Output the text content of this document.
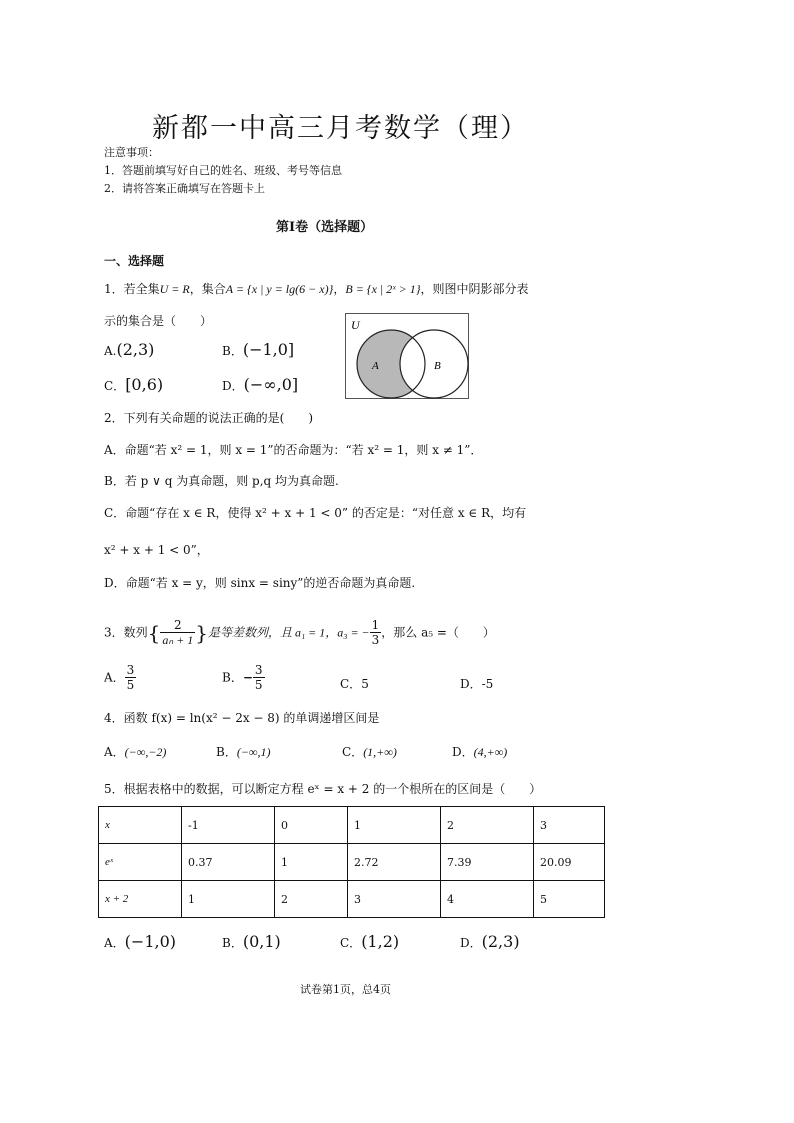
新都一中高三月考数学（理）
注意事项：
1．答题前填写好自己的姓名、班级、考号等信息
2．请将答案正确填写在答题卡上
第Ⅰ卷（选择题）
一、选择题
1．若全集U = R，集合A = {x | y = lg(6 − x)}，B = {x | 2ˣ > 1}，则图中阴影部分表
示的集合是（　　）
A.(2,3)	B．(−1,0]
C．[0,6)	D．(−∞,0]
U
A	B
2．下列有关命题的说法正确的是(　　)
A．命题“若 x² = 1，则 x = 1”的否命题为：“若 x² = 1，则 x ≠ 1”．
B．若 p ∨ q 为真命题，则 p,q 均为真命题.
C．命题“存在 x ∈ R，使得 x² + x + 1 < 0” 的否定是：“对任意 x ∈ R，均有
x² + x + 1 < 0”，
D．命题“若 x = y，则 sinx = siny”的逆否命题为真命题.
3．数列{ $\frac{2}{\text{aₙ + 1}}$ }是等差数列，且 a₁ = 1，a₃ = − $\frac{1}{3}$ ，那么 a₅ =（　　）
A． $\frac{3}{5}$	B．− $\frac{3}{5}$	C．5	D．-5
4．函数 f(x) = ln(x² − 2x − 8) 的单调递增区间是
A．(−∞,−2)	B．(−∞,1)	C．(1,+∞)	D．(4,+∞)
5．根据表格中的数据，可以断定方程 eˣ = x + 2 的一个根所在的区间是（　　）
x	-1	0	1	2	3
eˣ	0.37	1	2.72	7.39	20.09
x + 2	1	2	3	4	5
A．(−1,0)	B．(0,1)	C．(1,2)	D．(2,3)
试卷第1页，总4页
